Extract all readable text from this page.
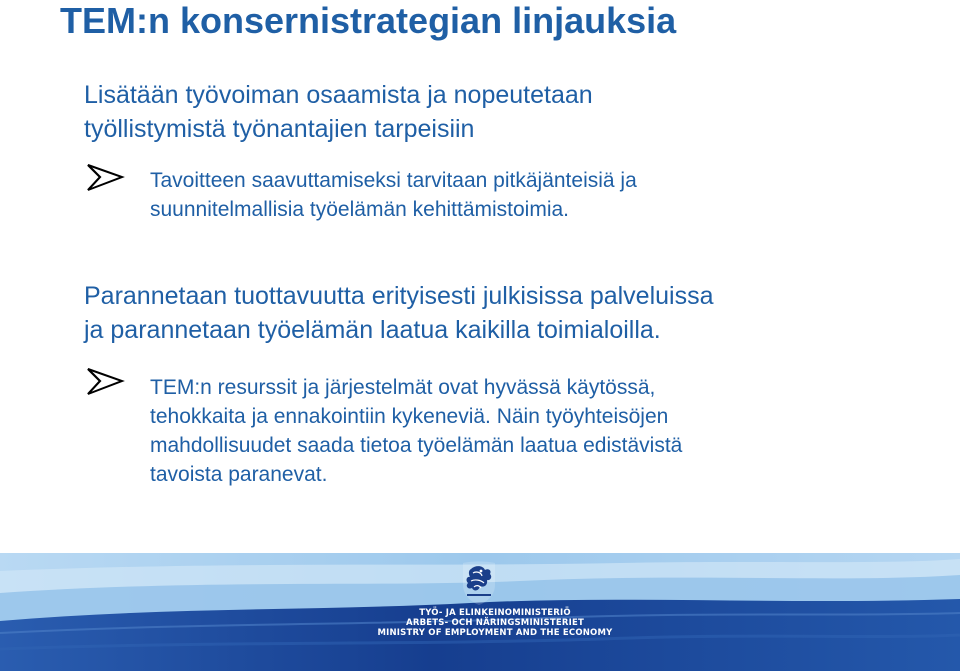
TEM:n konsernistrategian linjauksia

Lisätään työvoiman osaamista ja nopeutetaan
työllistymistä työnantajien tarpeisiin

Tavoitteen saavuttamiseksi tarvitaan pitkäjänteisiä ja
suunnitelmallisia työelämän kehittämistoimia.

Parannetaan tuottavuutta erityisesti julkisissa palveluissa
ja parannetaan työelämän laatua kaikilla toimialoilla.

TEM:n resurssit ja järjestelmät ovat hyvässä käytössä,
tehokkaita ja ennakointiin kykeneviä. Näin työyhteisöjen
mahdollisuudet saada tietoa työelämän laatua edistävistä
tavoista paranevat.

TYÖ- JA ELINKEINOMINISTERIÖ
ARBETS- OCH NÄRINGSMINISTERIET
MINISTRY OF EMPLOYMENT AND THE ECONOMY
